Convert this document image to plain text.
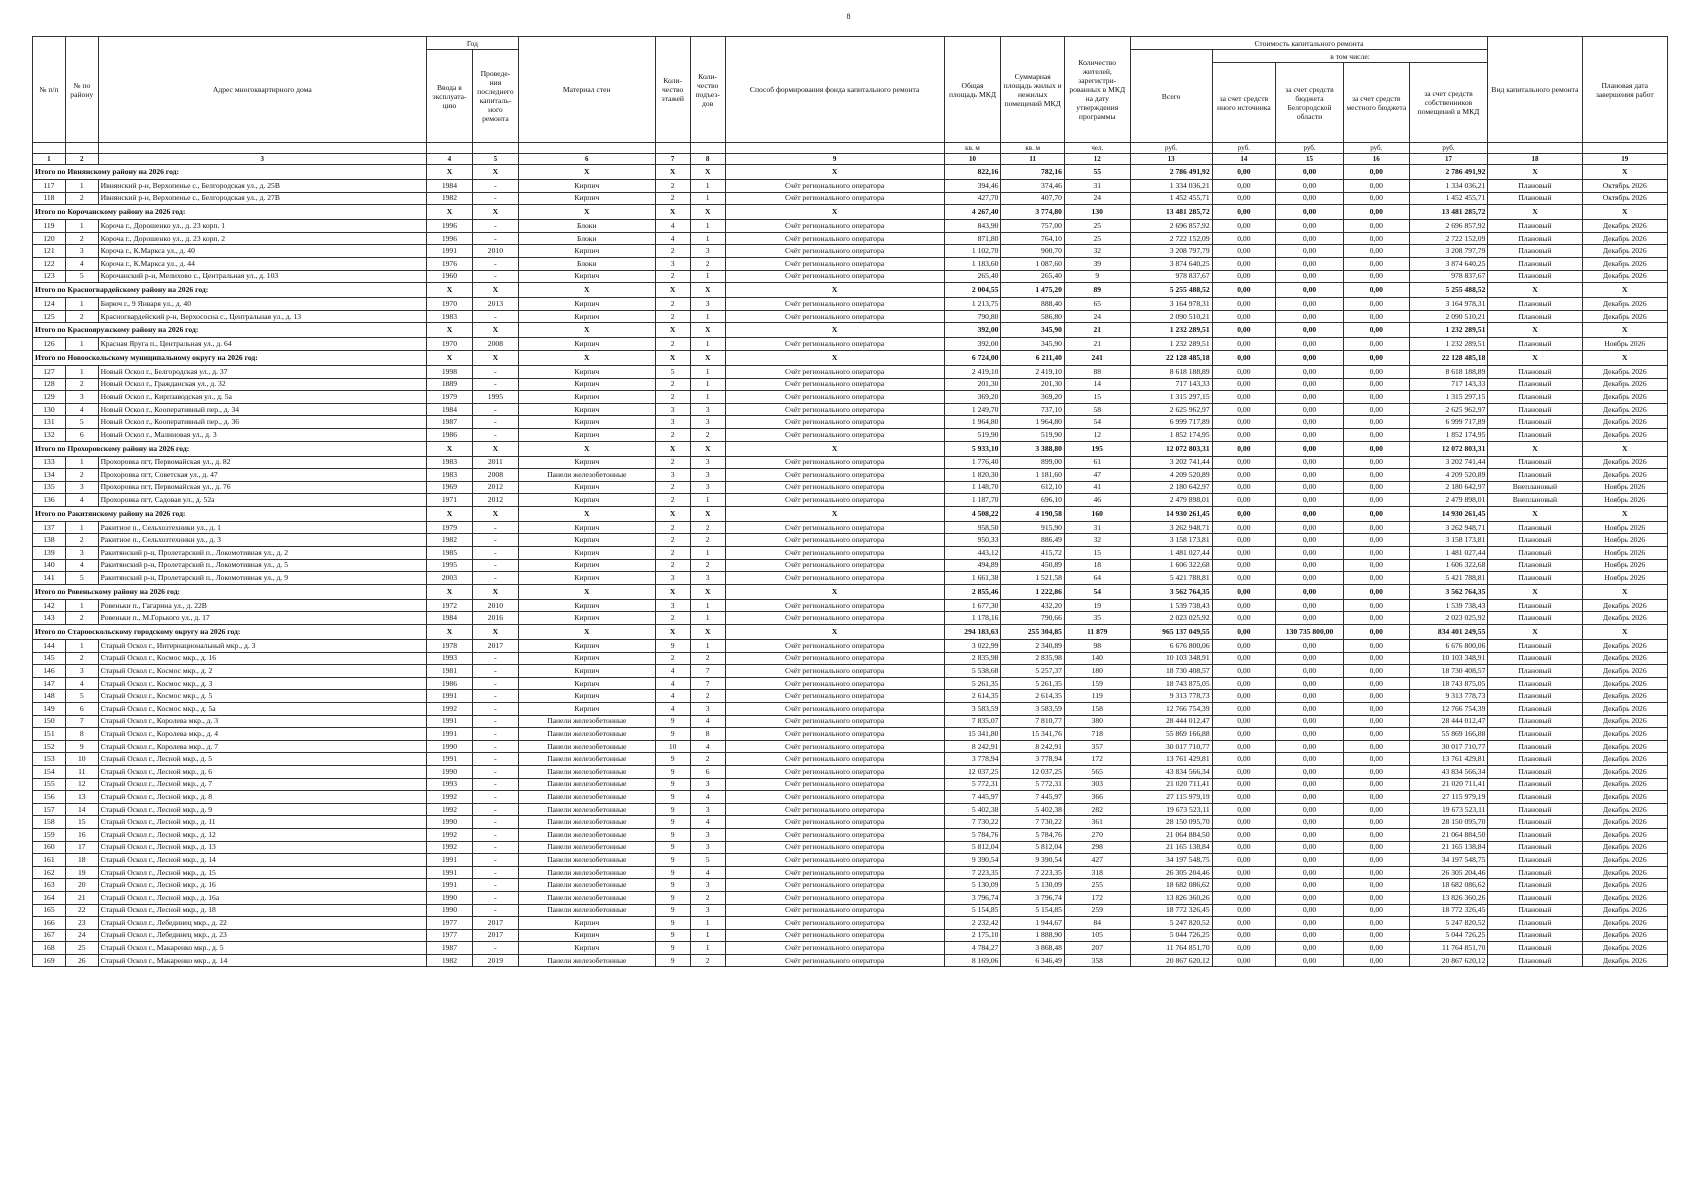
8
№ п/п	№ по району	Адрес многоквартирного дома	Год		Материал стен	Коли-чество этажей	Коли-чество подъез-дов	Способ формирования фонда капитального ремонта	Общая площадь МКД	Суммарная площадь жилых и нежилых помещений МКД	Количество жителей, зарегистри-рованных в МКД на дату утверждения программы	Стоимость капитального ремонта					Вид капитального ремонта	Плановая дата завершения работ
			Ввода в эксплуата-цию	Проведе-ния последнего капиталь-ного ремонта								Всего	в том числе:					
													за счет средств иного источника	за счет средств бюджета Белгородской области	за счет средств местного бюджета	за счет средств собственников помещений в МКД		
									кв. м	кв. м	чел.	руб.	руб.	руб.	руб.	руб.		
1	2	3	4	5	6	7	8	9	10	11	12	13	14	15	16	17	18	19
Итого по Ивнянскому району на 2026 год:			X	X	X	X	X	X	822,16	782,16	55	2 786 491,92	0,00	0,00	0,00	2 786 491,92	X	X
117	1	Ивнянский р-н, Верхопенье с., Белгородская ул., д. 25В	1984	-	Кирпич	2	1	Счёт регионального оператора	394,46	374,46	31	1 334 036,21	0,00	0,00	0,00	1 334 036,21	Плановый	Октябрь 2026
118	2	Ивнянский р-н, Верхопенье с., Белгородская ул., д. 27В	1982	-	Кирпич	2	1	Счёт регионального оператора	427,70	407,70	24	1 452 455,71	0,00	0,00	0,00	1 452 455,71	Плановый	Октябрь 2026
Итого по Корочанскому району на 2026 год:			X	X	X	X	X	X	4 267,40	3 774,80	130	13 481 285,72	0,00	0,00	0,00	13 481 285,72	X	X
119	1	Короча г., Дорошенко ул., д. 23 корп. 1	1996	-	Блоки	4	1	Счёт регионального оператора	843,90	757,00	25	2 696 857,92	0,00	0,00	0,00	2 696 857,92	Плановый	Декабрь 2026
120	2	Короча г., Дорошенко ул., д. 23 корп. 2	1996	-	Блоки	4	1	Счёт регионального оператора	871,80	764,10	25	2 722 152,09	0,00	0,00	0,00	2 722 152,09	Плановый	Декабрь 2026
121	3	Короча г., К.Маркса ул., д. 40	1991	2010	Кирпич	2	3	Счёт регионального оператора	1 102,70	900,70	32	3 208 797,79	0,00	0,00	0,00	3 208 797,79	Плановый	Декабрь 2026
122	4	Короча г., К.Маркса ул., д. 44	1976	-	Блоки	3	2	Счёт регионального оператора	1 183,60	1 087,60	39	3 874 640,25	0,00	0,00	0,00	3 874 640,25	Плановый	Декабрь 2026
123	5	Корочанский р-н, Мелихово с., Центральная ул., д. 103	1960	-	Кирпич	2	1	Счёт регионального оператора	265,40	265,40	9	978 837,67	0,00	0,00	0,00	978 837,67	Плановый	Декабрь 2026
Итого по Красногвардейскому району на 2026 год:			X	X	X	X	X	X	2 004,55	1 475,20	89	5 255 488,52	0,00	0,00	0,00	5 255 488,52	X	X
124	1	Бирюч г., 9 Января ул., д. 40	1970	2013	Кирпич	2	3	Счёт регионального оператора	1 213,75	888,40	65	3 164 978,31	0,00	0,00	0,00	3 164 978,31	Плановый	Декабрь 2026
125	2	Красногвардейский р-н, Верхососна с., Центральная ул., д. 13	1983	-	Кирпич	2	1	Счёт регионального оператора	790,80	586,80	24	2 090 510,21	0,00	0,00	0,00	2 090 510,21	Плановый	Декабрь 2026
Итого по Краснояружскому району на 2026 год:			X	X	X	X	X	X	392,00	345,90	21	1 232 289,51	0,00	0,00	0,00	1 232 289,51	X	X
126	1	Красная Яруга п., Центральная ул., д. 64	1970	2008	Кирпич	2	1	Счёт регионального оператора	392,00	345,90	21	1 232 289,51	0,00	0,00	0,00	1 232 289,51	Плановый	Ноябрь 2026
Итого по Новооскольскому муниципальному округу на 2026 год:			X	X	X	X	X	X	6 724,00	6 211,40	241	22 128 485,18	0,00	0,00	0,00	22 128 485,18	X	X
127	1	Новый Оскол г., Белгородская ул., д. 37	1998	-	Кирпич	5	1	Счёт регионального оператора	2 419,10	2 419,10	88	8 618 188,89	0,00	0,00	0,00	8 618 188,89	Плановый	Декабрь 2026
128	2	Новый Оскол г., Гражданская ул., д. 32	1889	-	Кирпич	2	1	Счёт регионального оператора	201,30	201,30	14	717 143,33	0,00	0,00	0,00	717 143,33	Плановый	Декабрь 2026
129	3	Новый Оскол г., Кирпзаводская ул., д. 5а	1979	1995	Кирпич	2	1	Счёт регионального оператора	369,20	369,20	15	1 315 297,15	0,00	0,00	0,00	1 315 297,15	Плановый	Декабрь 2026
130	4	Новый Оскол г., Кооперативный пер., д. 34	1984	-	Кирпич	3	3	Счёт регионального оператора	1 249,70	737,10	58	2 625 962,97	0,00	0,00	0,00	2 625 962,97	Плановый	Декабрь 2026
131	5	Новый Оскол г., Кооперативный пер., д. 36	1987	-	Кирпич	3	3	Счёт регионального оператора	1 964,80	1 964,80	54	6 999 717,89	0,00	0,00	0,00	6 999 717,89	Плановый	Декабрь 2026
132	6	Новый Оскол г., Малиновая ул., д. 3	1986	-	Кирпич	2	2	Счёт регионального оператора	519,90	519,90	12	1 852 174,95	0,00	0,00	0,00	1 852 174,95	Плановый	Декабрь 2026
Итого по Прохоровскому району на 2026 год:			X	X	X	X	X	X	5 933,10	3 388,80	195	12 072 803,31	0,00	0,00	0,00	12 072 803,31	X	X
133	1	Прохоровка пгт, Первомайская ул., д. 82	1983	2011	Кирпич	2	3	Счёт регионального оператора	1 776,40	899,00	61	3 202 741,44	0,00	0,00	0,00	3 202 741,44	Плановый	Декабрь 2026
134	2	Прохоровка пгт, Советская ул., д. 47	1983	2008	Панели железобетонные	3	3	Счёт регионального оператора	1 820,30	1 181,60	47	4 209 520,89	0,00	0,00	0,00	4 209 520,89	Плановый	Декабрь 2026
135	3	Прохоровка пгт, Первомайская ул., д. 76	1969	2012	Кирпич	2	3	Счёт регионального оператора	1 148,70	612,10	41	2 180 642,97	0,00	0,00	0,00	2 180 642,97	Внеплановый	Ноябрь 2026
136	4	Прохоровка пгт, Садовая ул., д. 52а	1971	2012	Кирпич	2	1	Счёт регионального оператора	1 187,70	696,10	46	2 479 898,01	0,00	0,00	0,00	2 479 898,01	Внеплановый	Ноябрь 2026
Итого по Ракитянскому району на 2026 год:			X	X	X	X	X	X	4 508,22	4 190,58	160	14 930 261,45	0,00	0,00	0,00	14 930 261,45	X	X
137	1	Ракитное п., Сельхозтехники ул., д. 1	1979	-	Кирпич	2	2	Счёт регионального оператора	958,50	915,90	31	3 262 948,71	0,00	0,00	0,00	3 262 948,71	Плановый	Ноябрь 2026
138	2	Ракитное п., Сельхозтехники ул., д. 3	1982	-	Кирпич	2	2	Счёт регионального оператора	950,33	886,49	32	3 158 173,81	0,00	0,00	0,00	3 158 173,81	Плановый	Ноябрь 2026
139	3	Ракитянский р-н, Пролетарский п., Локомотивная ул., д. 2	1985	-	Кирпич	2	1	Счёт регионального оператора	443,12	415,72	15	1 481 027,44	0,00	0,00	0,00	1 481 027,44	Плановый	Ноябрь 2026
140	4	Ракитянский р-н, Пролетарский п., Локомотивная ул., д. 5	1995	-	Кирпич	2	2	Счёт регионального оператора	494,89	450,89	18	1 606 322,68	0,00	0,00	0,00	1 606 322,68	Плановый	Ноябрь 2026
141	5	Ракитянский р-н, Пролетарский п., Локомотивная ул., д. 9	2003	-	Кирпич	3	3	Счёт регионального оператора	1 661,38	1 521,58	64	5 421 788,81	0,00	0,00	0,00	5 421 788,81	Плановый	Ноябрь 2026
Итого по Ровеньскому району на 2026 год:			X	X	X	X	X	X	2 855,46	1 222,86	54	3 562 764,35	0,00	0,00	0,00	3 562 764,35	X	X
142	1	Ровеньки п., Гагарина ул., д. 22В	1972	2010	Кирпич	3	1	Счёт регионального оператора	1 677,30	432,20	19	1 539 738,43	0,00	0,00	0,00	1 539 738,43	Плановый	Декабрь 2026
143	2	Ровеньки п., М.Горького ул., д. 17	1984	2016	Кирпич	2	1	Счёт регионального оператора	1 178,16	790,66	35	2 023 025,92	0,00	0,00	0,00	2 023 025,92	Плановый	Декабрь 2026
Итого по Старооскольскому городскому округу на 2026 год:			X	X	X	X	X	X	294 183,63	255 304,85	11 879	965 137 049,55	0,00	130 735 800,00	0,00	834 401 249,55	X	X
144	1	Старый Оскол г., Интернациональный мкр., д. 3	1978	2017	Кирпич	9	1	Счёт регионального оператора	3 022,99	2 340,89	98	6 676 800,06	0,00	0,00	0,00	6 676 800,06	Плановый	Декабрь 2026
145	2	Старый Оскол г., Космос мкр., д. 16	1993	-	Кирпич	2	2	Счёт регионального оператора	2 835,98	2 835,98	140	10 103 348,91	0,00	0,00	0,00	10 103 348,91	Плановый	Декабрь 2026
146	3	Старый Оскол г., Космос мкр., д. 2	1981	-	Кирпич	4	7	Счёт регионального оператора	5 538,68	5 257,37	180	18 730 408,57	0,00	0,00	0,00	18 730 408,57	Плановый	Декабрь 2026
147	4	Старый Оскол г., Космос мкр., д. 3	1986	-	Кирпич	4	7	Счёт регионального оператора	5 261,35	5 261,35	159	18 743 875,05	0,00	0,00	0,00	18 743 875,05	Плановый	Декабрь 2026
148	5	Старый Оскол г., Космос мкр., д. 5	1991	-	Кирпич	4	2	Счёт регионального оператора	2 614,35	2 614,35	119	9 313 778,73	0,00	0,00	0,00	9 313 778,73	Плановый	Декабрь 2026
149	6	Старый Оскол г., Космос мкр., д. 5а	1992	-	Кирпич	4	3	Счёт регионального оператора	3 583,59	3 583,59	158	12 766 754,39	0,00	0,00	0,00	12 766 754,39	Плановый	Декабрь 2026
150	7	Старый Оскол г., Королева мкр., д. 3	1991	-	Панели железобетонные	9	4	Счёт регионального оператора	7 835,07	7 810,77	380	28 444 012,47	0,00	0,00	0,00	28 444 012,47	Плановый	Декабрь 2026
151	8	Старый Оскол г., Королева мкр., д. 4	1991	-	Панели железобетонные	9	8	Счёт регионального оператора	15 341,80	15 341,76	718	55 869 166,88	0,00	0,00	0,00	55 869 166,88	Плановый	Декабрь 2026
152	9	Старый Оскол г., Королева мкр., д. 7	1990	-	Панели железобетонные	10	4	Счёт регионального оператора	8 242,91	8 242,91	357	30 017 710,77	0,00	0,00	0,00	30 017 710,77	Плановый	Декабрь 2026
153	10	Старый Оскол г., Лесной мкр., д. 5	1991	-	Панели железобетонные	9	2	Счёт регионального оператора	3 778,94	3 778,94	172	13 761 429,81	0,00	0,00	0,00	13 761 429,81	Плановый	Декабрь 2026
154	11	Старый Оскол г., Лесной мкр., д. 6	1990	-	Панели железобетонные	9	6	Счёт регионального оператора	12 037,25	12 037,25	565	43 834 566,34	0,00	0,00	0,00	43 834 566,34	Плановый	Декабрь 2026
155	12	Старый Оскол г., Лесной мкр., д. 7	1993	-	Панели железобетонные	9	3	Счёт регионального оператора	5 772,31	5 772,31	303	21 020 711,41	0,00	0,00	0,00	21 020 711,41	Плановый	Декабрь 2026
156	13	Старый Оскол г., Лесной мкр., д. 8	1992	-	Панели железобетонные	9	4	Счёт регионального оператора	7 445,97	7 445,97	366	27 115 979,19	0,00	0,00	0,00	27 115 979,19	Плановый	Декабрь 2026
157	14	Старый Оскол г., Лесной мкр., д. 9	1992	-	Панели железобетонные	9	3	Счёт регионального оператора	5 402,38	5 402,38	282	19 673 523,11	0,00	0,00	0,00	19 673 523,11	Плановый	Декабрь 2026
158	15	Старый Оскол г., Лесной мкр., д. 11	1990	-	Панели железобетонные	9	4	Счёт регионального оператора	7 730,22	7 730,22	361	28 150 095,70	0,00	0,00	0,00	28 150 095,70	Плановый	Декабрь 2026
159	16	Старый Оскол г., Лесной мкр., д. 12	1992	-	Панели железобетонные	9	3	Счёт регионального оператора	5 784,76	5 784,76	270	21 064 884,50	0,00	0,00	0,00	21 064 884,50	Плановый	Декабрь 2026
160	17	Старый Оскол г., Лесной мкр., д. 13	1992	-	Панели железобетонные	9	3	Счёт регионального оператора	5 812,04	5 812,04	298	21 165 138,84	0,00	0,00	0,00	21 165 138,84	Плановый	Декабрь 2026
161	18	Старый Оскол г., Лесной мкр., д. 14	1991	-	Панели железобетонные	9	5	Счёт регионального оператора	9 390,54	9 390,54	427	34 197 548,75	0,00	0,00	0,00	34 197 548,75	Плановый	Декабрь 2026
162	19	Старый Оскол г., Лесной мкр., д. 15	1991	-	Панели железобетонные	9	4	Счёт регионального оператора	7 223,35	7 223,35	318	26 305 204,46	0,00	0,00	0,00	26 305 204,46	Плановый	Декабрь 2026
163	20	Старый Оскол г., Лесной мкр., д. 16	1991	-	Панели железобетонные	9	3	Счёт регионального оператора	5 130,09	5 130,09	255	18 682 086,62	0,00	0,00	0,00	18 682 086,62	Плановый	Декабрь 2026
164	21	Старый Оскол г., Лесной мкр., д. 16а	1990	-	Панели железобетонные	9	2	Счёт регионального оператора	3 796,74	3 796,74	172	13 826 360,26	0,00	0,00	0,00	13 826 360,26	Плановый	Декабрь 2026
165	22	Старый Оскол г., Лесной мкр., д. 18	1990	-	Панели железобетонные	9	3	Счёт регионального оператора	5 154,85	5 154,85	259	18 772 326,45	0,00	0,00	0,00	18 772 326,45	Плановый	Декабрь 2026
166	23	Старый Оскол г., Лебединец мкр., д. 22	1977	2017	Кирпич	9	1	Счёт регионального оператора	2 232,42	1 944,67	84	5 247 820,52	0,00	0,00	0,00	5 247 820,52	Плановый	Декабрь 2026
167	24	Старый Оскол г., Лебединец мкр., д. 23	1977	2017	Кирпич	9	1	Счёт регионального оператора	2 175,10	1 888,90	105	5 044 726,25	0,00	0,00	0,00	5 044 726,25	Плановый	Декабрь 2026
168	25	Старый Оскол г., Макаренко мкр., д. 5	1987	-	Кирпич	9	1	Счёт регионального оператора	4 784,27	3 868,48	207	11 764 851,70	0,00	0,00	0,00	11 764 851,70	Плановый	Декабрь 2026
169	26	Старый Оскол г., Макаренко мкр., д. 14	1982	2019	Панели железобетонные	9	2	Счёт регионального оператора	8 169,06	6 346,49	358	20 867 620,12	0,00	0,00	0,00	20 867 620,12	Плановый	Декабрь 2026
